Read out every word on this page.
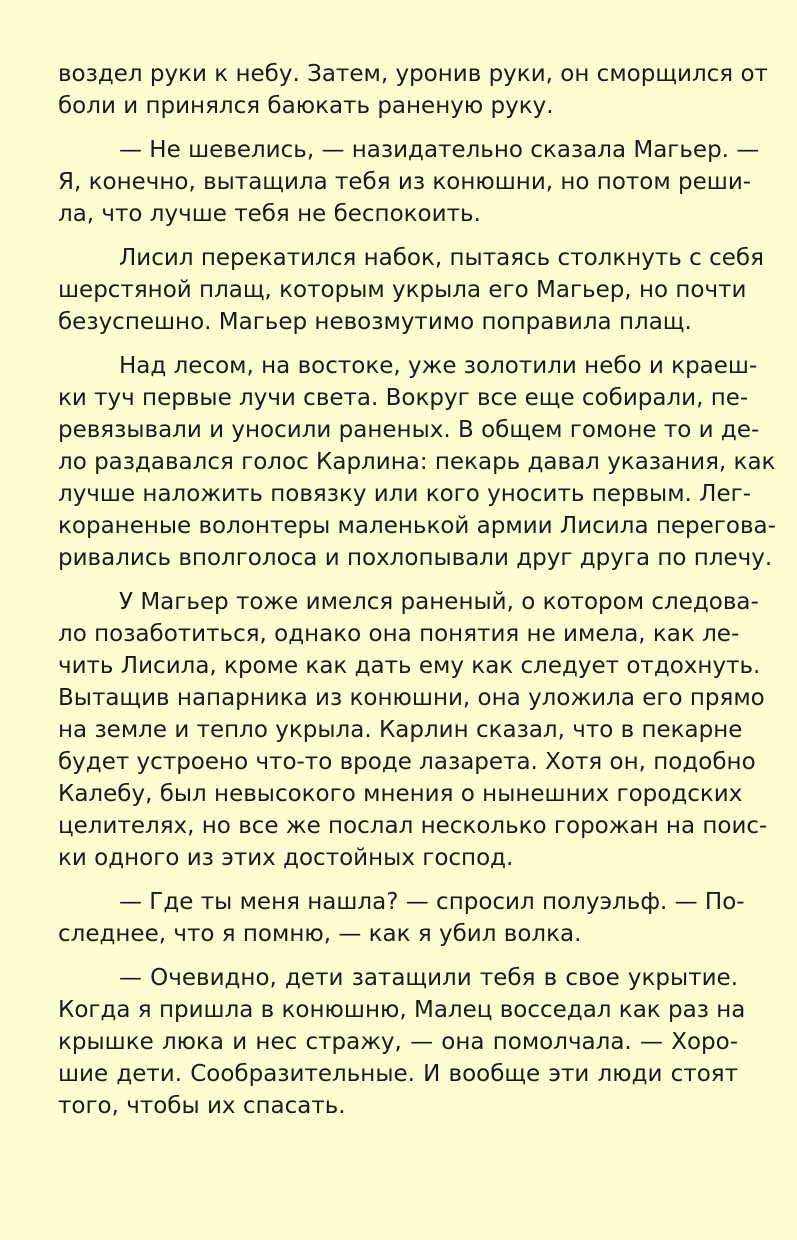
воздел руки к небу. Затем, уронив руки, он сморщился от
боли и принялся баюкать раненую руку.
— Не шевелись, — назидательно сказала Магьер. —
Я, конечно, вытащила тебя из конюшни, но потом реши-
ла, что лучше тебя не беспокоить.
Лисил перекатился набок, пытаясь столкнуть с себя
шерстяной плащ, которым укрыла его Магьер, но почти
безуспешно. Магьер невозмутимо поправила плащ.
Над лесом, на востоке, уже золотили небо и краеш-
ки туч первые лучи света. Вокруг все еще собирали, пе-
ревязывали и уносили раненых. В общем гомоне то и де-
ло раздавался голос Карлина: пекарь давал указания, как
лучше наложить повязку или кого уносить первым. Лег-
кораненые волонтеры маленькой армии Лисила перегова-
ривались вполголоса и похлопывали друг друга по плечу.
У Магьер тоже имелся раненый, о котором следова-
ло позаботиться, однако она понятия не имела, как ле-
чить Лисила, кроме как дать ему как следует отдохнуть.
Вытащив напарника из конюшни, она уложила его прямо
на земле и тепло укрыла. Карлин сказал, что в пекарне
будет устроено что-то вроде лазарета. Хотя он, подобно
Калебу, был невысокого мнения о нынешних городских
целителях, но все же послал несколько горожан на поис-
ки одного из этих достойных господ.
— Где ты меня нашла? — спросил полуэльф. — По-
следнее, что я помню, — как я убил волка.
— Очевидно, дети затащили тебя в свое укрытие.
Когда я пришла в конюшню, Малец восседал как раз на
крышке люка и нес стражу, — она помолчала. — Хоро-
шие дети. Сообразительные. И вообще эти люди стоят
того, чтобы их спасать.
